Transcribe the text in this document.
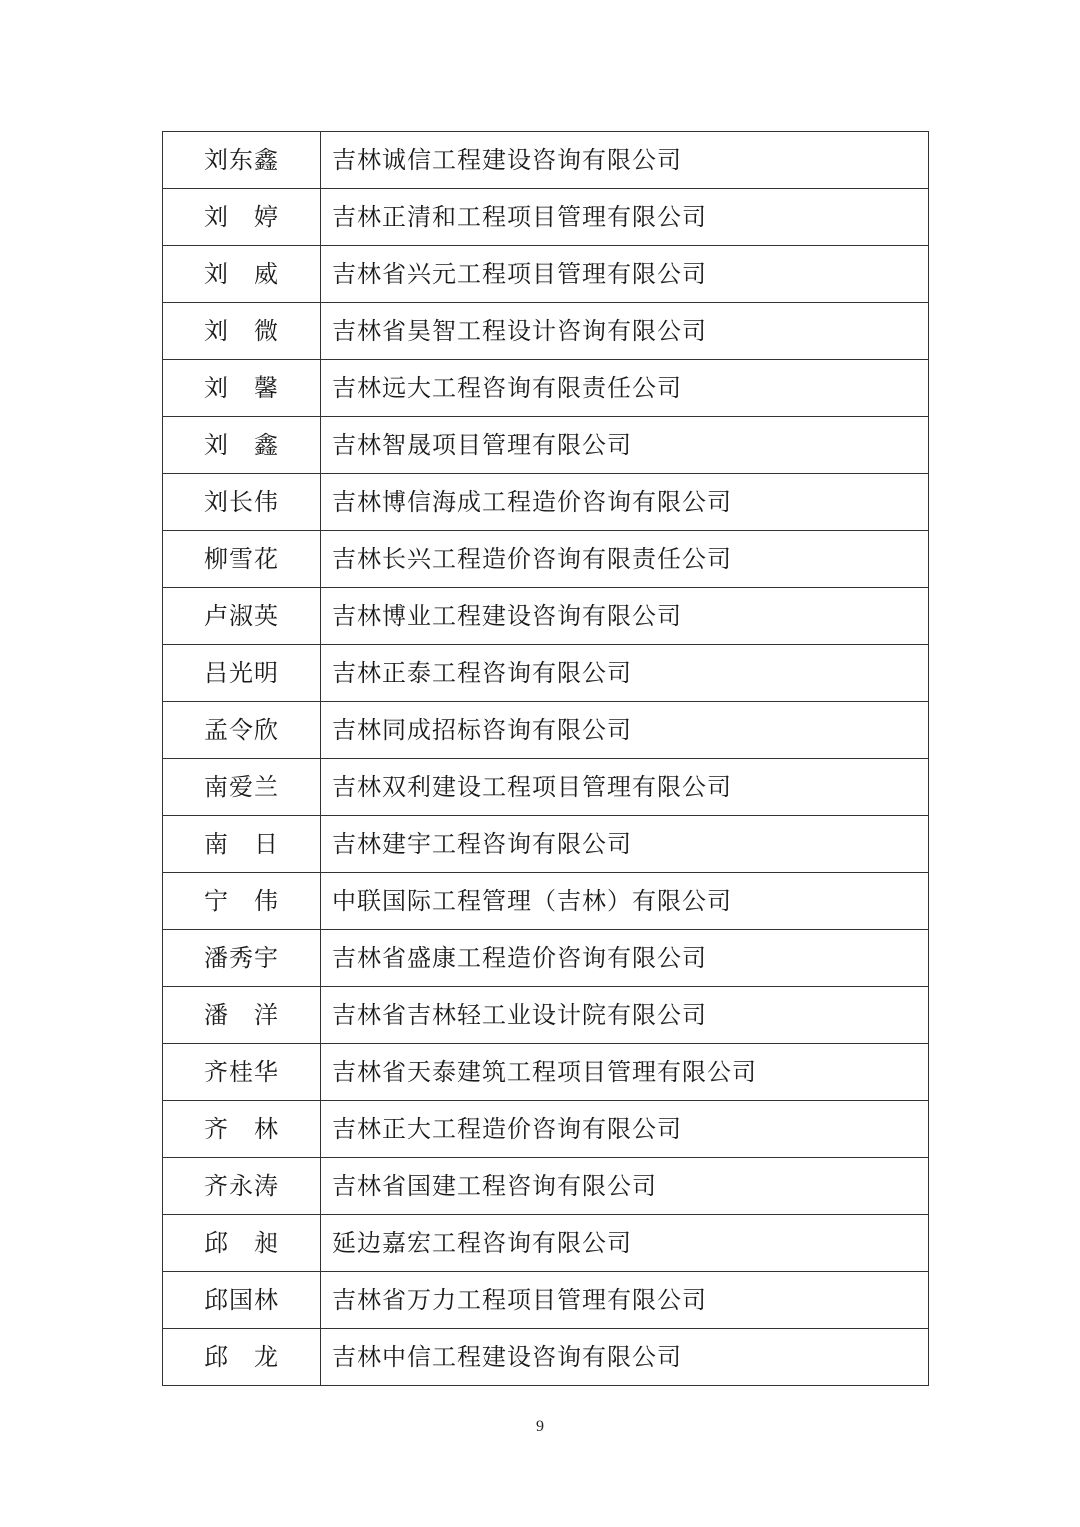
刘东鑫	吉林诚信工程建设咨询有限公司
刘　婷	吉林正清和工程项目管理有限公司
刘　威	吉林省兴元工程项目管理有限公司
刘　微	吉林省昊智工程设计咨询有限公司
刘　馨	吉林远大工程咨询有限责任公司
刘　鑫	吉林智晟项目管理有限公司
刘长伟	吉林博信海成工程造价咨询有限公司
柳雪花	吉林长兴工程造价咨询有限责任公司
卢淑英	吉林博业工程建设咨询有限公司
吕光明	吉林正泰工程咨询有限公司
孟令欣	吉林同成招标咨询有限公司
南爱兰	吉林双利建设工程项目管理有限公司
南　日	吉林建宇工程咨询有限公司
宁　伟	中联国际工程管理（吉林）有限公司
潘秀宇	吉林省盛康工程造价咨询有限公司
潘　洋	吉林省吉林轻工业设计院有限公司
齐桂华	吉林省天泰建筑工程项目管理有限公司
齐　林	吉林正大工程造价咨询有限公司
齐永涛	吉林省国建工程咨询有限公司
邱　昶	延边嘉宏工程咨询有限公司
邱国林	吉林省万力工程项目管理有限公司
邱　龙	吉林中信工程建设咨询有限公司
9
